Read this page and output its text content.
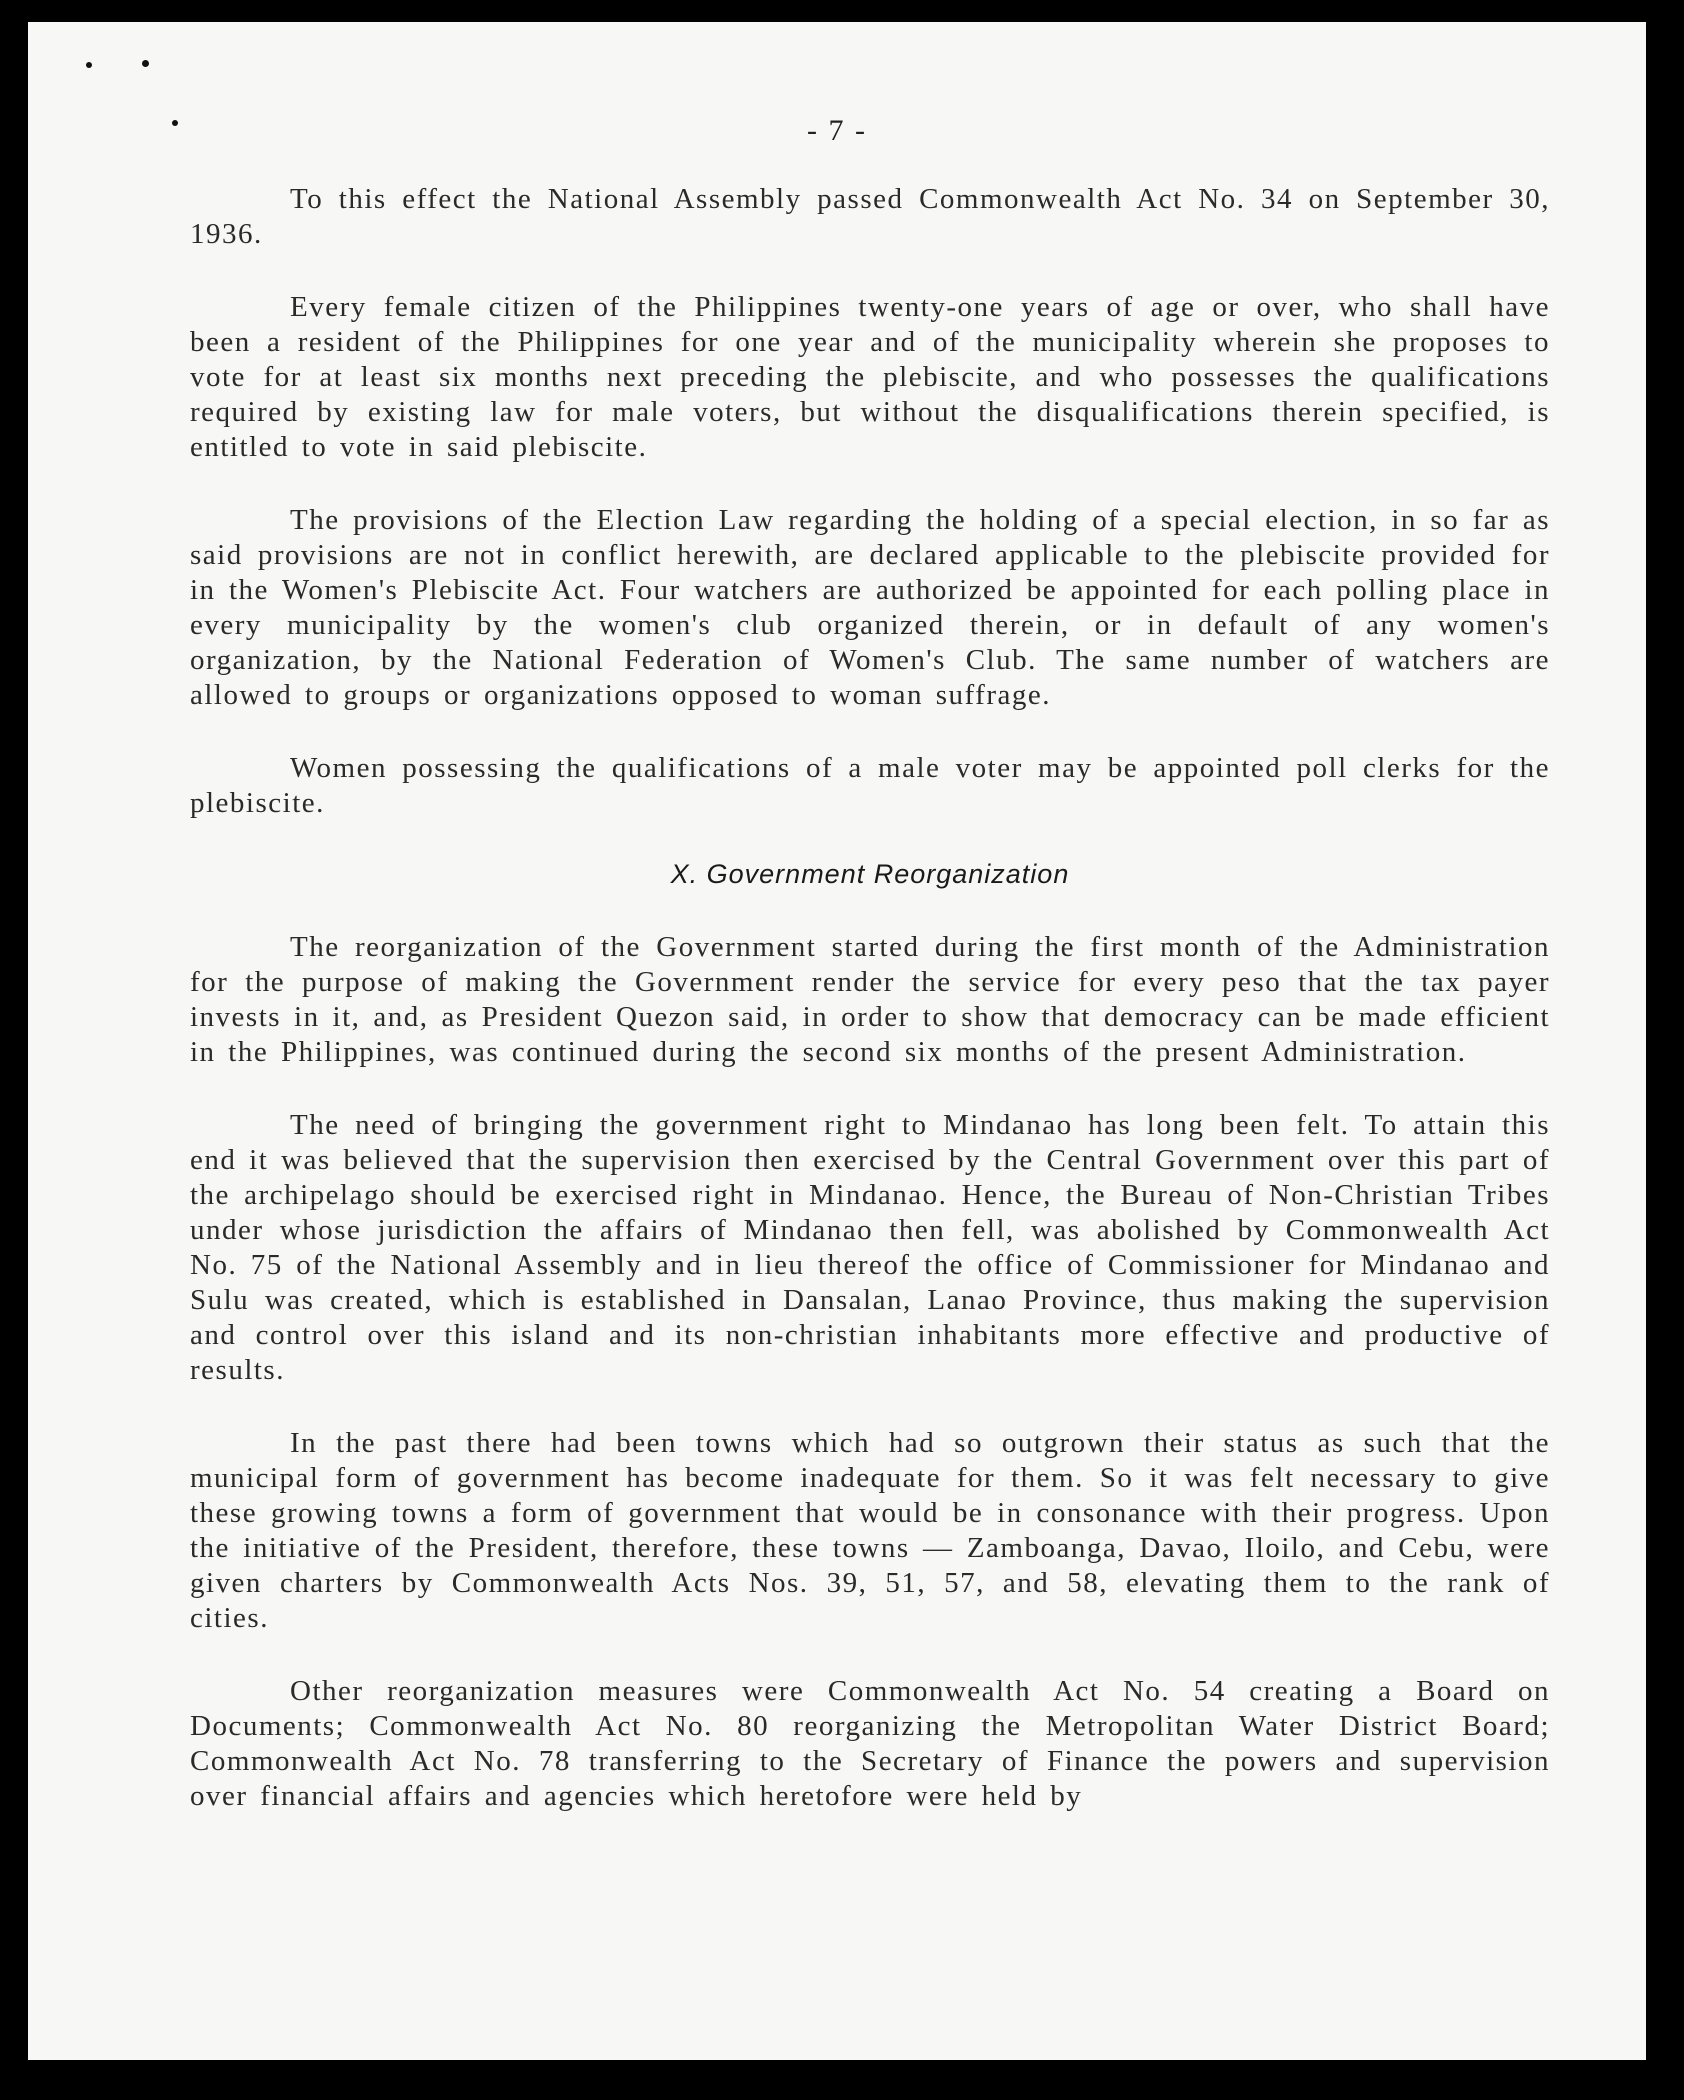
- 7 -

To this effect the National Assembly passed Commonwealth Act No. 34 on September 30, 1936.

Every female citizen of the Philippines twenty-one years of age or over, who shall have been a resident of the Philippines for one year and of the municipality wherein she proposes to vote for at least six months next preceding the plebiscite, and who possesses the qualifications required by existing law for male voters, but without the disqualifications therein specified, is entitled to vote in said plebiscite.

The provisions of the Election Law regarding the holding of a special election, in so far as said provisions are not in conflict herewith, are declared applicable to the plebiscite provided for in the Women's Plebiscite Act. Four watchers are authorized be appointed for each polling place in every municipality by the women's club organized therein, or in default of any women's organization, by the National Federation of Women's Club. The same number of watchers are allowed to groups or organizations opposed to woman suffrage.

Women possessing the qualifications of a male voter may be appointed poll clerks for the plebiscite.

X. Government Reorganization

The reorganization of the Government started during the first month of the Administration for the purpose of making the Government render the service for every peso that the tax payer invests in it, and, as President Quezon said, in order to show that democracy can be made efficient in the Philippines, was continued during the second six months of the present Administration.

The need of bringing the government right to Mindanao has long been felt. To attain this end it was believed that the supervision then exercised by the Central Government over this part of the archipelago should be exercised right in Mindanao. Hence, the Bureau of Non-Christian Tribes under whose jurisdiction the affairs of Mindanao then fell, was abolished by Commonwealth Act No. 75 of the National Assembly and in lieu thereof the office of Commissioner for Mindanao and Sulu was created, which is established in Dansalan, Lanao Province, thus making the supervision and control over this island and its non-christian inhabitants more effective and productive of results.

In the past there had been towns which had so outgrown their status as such that the municipal form of government has become inadequate for them. So it was felt necessary to give these growing towns a form of government that would be in consonance with their progress. Upon the initiative of the President, therefore, these towns — Zamboanga, Davao, Iloilo, and Cebu, were given charters by Commonwealth Acts Nos. 39, 51, 57, and 58, elevating them to the rank of cities.

Other reorganization measures were Commonwealth Act No. 54 creating a Board on Documents; Commonwealth Act No. 80 reorganizing the Metropolitan Water District Board; Commonwealth Act No. 78 transferring to the Secretary of Finance the powers and supervision over financial affairs and agencies which heretofore were held by
